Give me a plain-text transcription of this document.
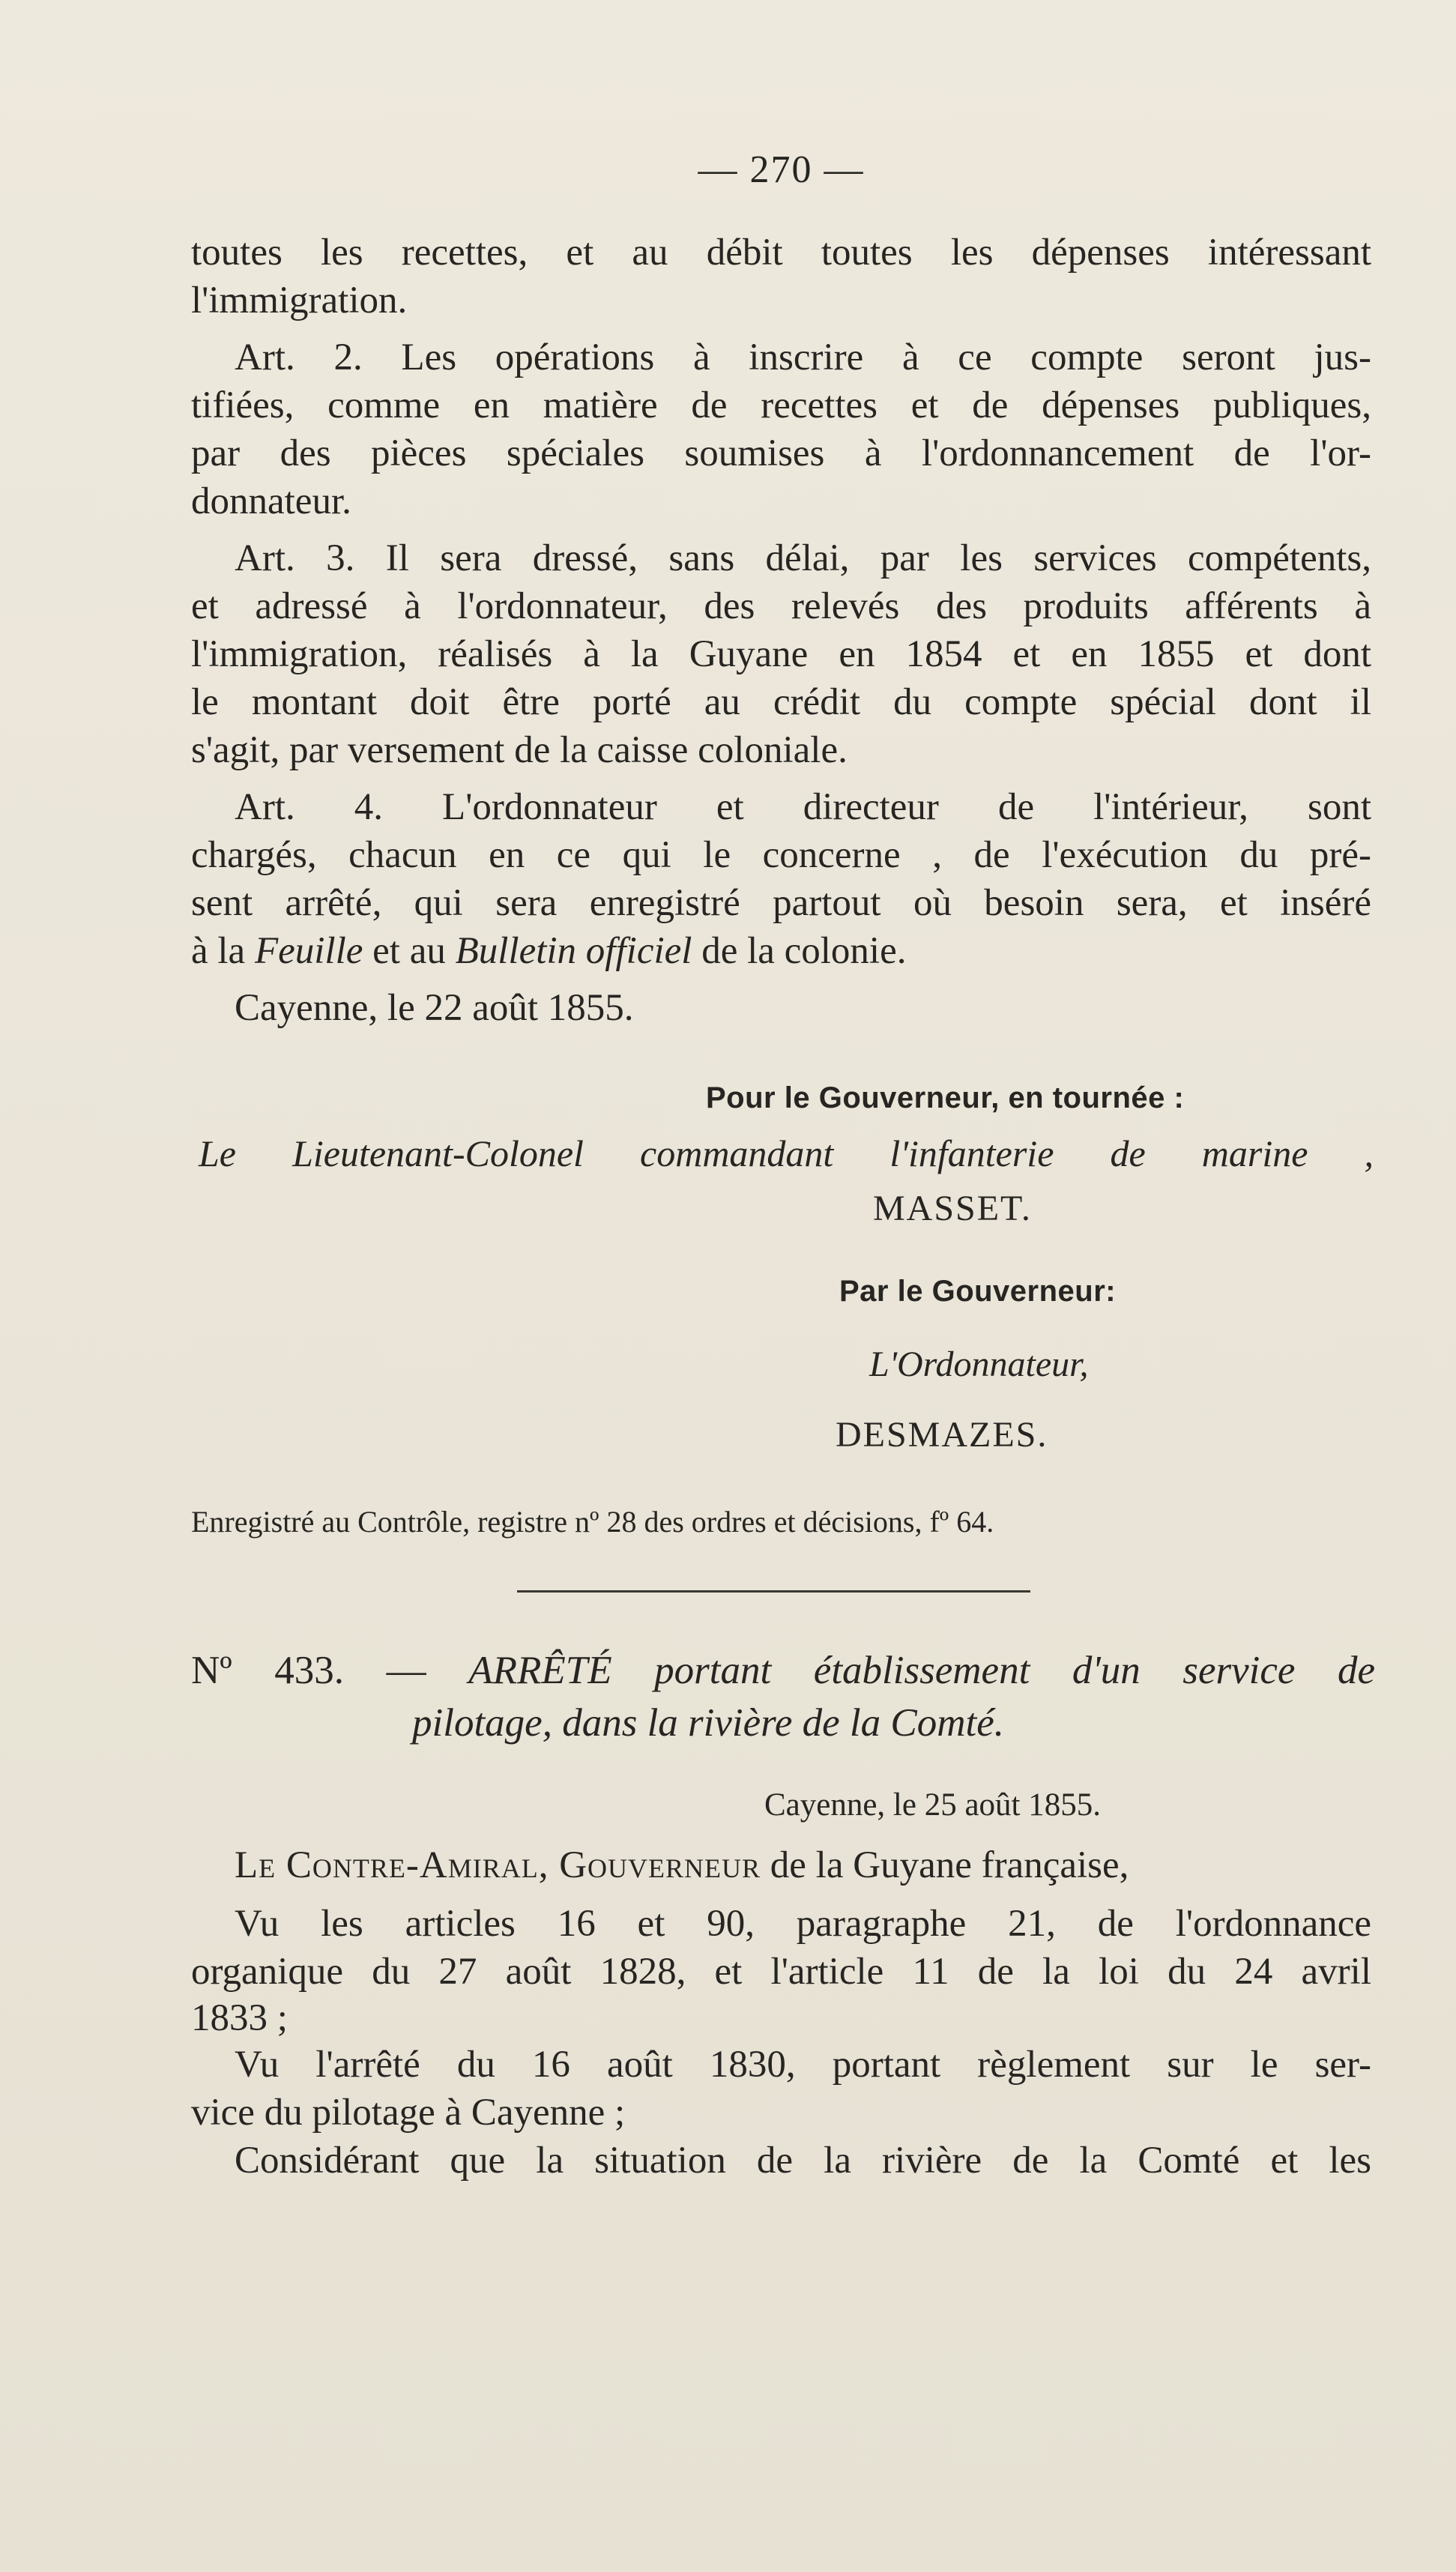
— 270 —
toutes les recettes, et au débit toutes les dépenses intéressant
l'immigration.
Art. 2. Les opérations à inscrire à ce compte seront jus-
tifiées, comme en matière de recettes et de dépenses publiques,
par des pièces spéciales soumises à l'ordonnancement de l'or-
donnateur.
Art. 3. Il sera dressé, sans délai, par les services compétents,
et adressé à l'ordonnateur, des relevés des produits afférents à
l'immigration, réalisés à la Guyane en 1854 et en 1855 et dont
le montant doit être porté au crédit du compte spécial dont il
s'agit, par versement de la caisse coloniale.
Art. 4. L'ordonnateur et directeur de l'intérieur, sont
chargés, chacun en ce qui le concerne , de l'exécution du pré-
sent arrêté, qui sera enregistré partout où besoin sera, et inséré
à la Feuille et au Bulletin officiel de la colonie.
Cayenne, le 22 août 1855.
Pour le Gouverneur, en tournée :
Le Lieutenant-Colonel commandant l'infanterie de marine ,
MASSET.
Par le Gouverneur:
L'Ordonnateur,
DESMAZES.
Enregistré au Contrôle, registre nº 28 des ordres et décisions, fº 64.
Nº 433. — ARRÊTÉ portant établissement d'un service de
pilotage, dans la rivière de la Comté.
Cayenne, le 25 août 1855.
Le Contre-Amiral, Gouverneur de la Guyane française,
Vu les articles 16 et 90, paragraphe 21, de l'ordonnance
organique du 27 août 1828, et l'article 11 de la loi du 24 avril
1833 ;
Vu l'arrêté du 16 août 1830, portant règlement sur le ser-
vice du pilotage à Cayenne ;
Considérant que la situation de la rivière de la Comté et les
